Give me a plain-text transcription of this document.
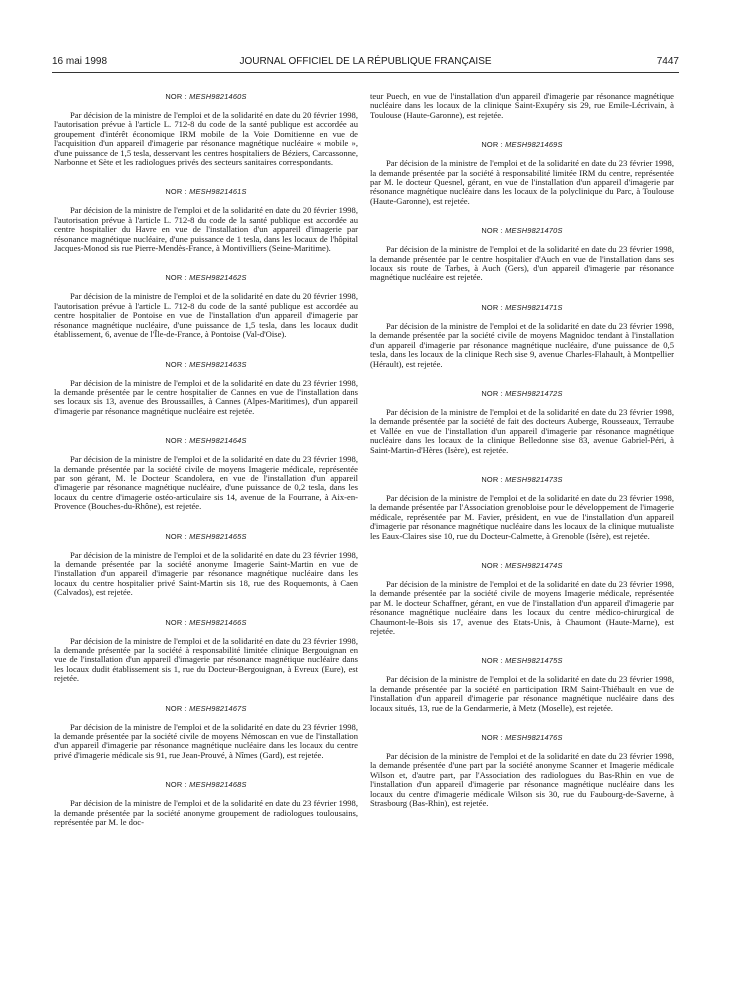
16 mai 1998	JOURNAL OFFICIEL DE LA RÉPUBLIQUE FRANÇAISE	7447

NOR : MESH9821460S

Par décision de la ministre de l'emploi et de la solidarité en date du 20 février 1998, l'autorisation prévue à l'article L. 712-8 du code de la santé publique est accordée au groupement d'intérêt économique IRM mobile de la Voie Domitienne en vue de l'acquisition d'un appareil d'imagerie par résonance magnétique nucléaire « mobile », d'une puissance de 1,5 tesla, desservant les centres hospitaliers de Béziers, Carcassonne, Narbonne et Sète et les radiologues privés des secteurs sanitaires correspondants.

NOR : MESH9821461S

Par décision de la ministre de l'emploi et de la solidarité en date du 20 février 1998, l'autorisation prévue à l'article L. 712-8 du code de la santé publique est accordée au centre hospitalier du Havre en vue de l'installation d'un appareil d'imagerie par résonance magnétique nucléaire, d'une puissance de 1 tesla, dans les locaux de l'hôpital Jacques-Monod sis rue Pierre-Mendès-France, à Montivilliers (Seine-Maritime).

NOR : MESH9821462S

Par décision de la ministre de l'emploi et de la solidarité en date du 20 février 1998, l'autorisation prévue à l'article L. 712-8 du code de la santé publique est accordée au centre hospitalier de Pontoise en vue de l'installation d'un appareil d'imagerie par résonance magnétique nucléaire, d'une puissance de 1,5 tesla, dans les locaux dudit établissement, 6, avenue de l'Île-de-France, à Pontoise (Val-d'Oise).

NOR : MESH9821463S

Par décision de la ministre de l'emploi et de la solidarité en date du 23 février 1998, la demande présentée par le centre hospitalier de Cannes en vue de l'installation dans ses locaux sis 13, avenue des Broussailles, à Cannes (Alpes-Maritimes), d'un appareil d'imagerie par résonance magnétique nucléaire est rejetée.

NOR : MESH9821464S

Par décision de la ministre de l'emploi et de la solidarité en date du 23 février 1998, la demande présentée par la société civile de moyens Imagerie médicale, représentée par son gérant, M. le Docteur Scandolera, en vue de l'installation d'un appareil d'imagerie par résonance magnétique nucléaire, d'une puissance de 0,2 tesla, dans les locaux du centre d'imagerie ostéo-articulaire sis 14, avenue de la Fourrane, à Aix-en-Provence (Bouches-du-Rhône), est rejetée.

NOR : MESH9821465S

Par décision de la ministre de l'emploi et de la solidarité en date du 23 février 1998, la demande présentée par la société anonyme Imagerie Saint-Martin en vue de l'installation d'un appareil d'imagerie par résonance magnétique nucléaire dans les locaux du centre hospitalier privé Saint-Martin sis 18, rue des Roquemonts, à Caen (Calvados), est rejetée.

NOR : MESH9821466S

Par décision de la ministre de l'emploi et de la solidarité en date du 23 février 1998, la demande présentée par la société à responsabilité limitée clinique Bergouignan en vue de l'installation d'un appareil d'imagerie par résonance magnétique nucléaire dans les locaux dudit établissement sis 1, rue du Docteur-Bergouignan, à Evreux (Eure), est rejetée.

NOR : MESH9821467S

Par décision de la ministre de l'emploi et de la solidarité en date du 23 février 1998, la demande présentée par la société civile de moyens Némoscan en vue de l'installation d'un appareil d'imagerie par résonance magnétique nucléaire dans les locaux du centre privé d'imagerie médicale sis 91, rue Jean-Prouvé, à Nîmes (Gard), est rejetée.

NOR : MESH9821468S

Par décision de la ministre de l'emploi et de la solidarité en date du 23 février 1998, la demande présentée par la société anonyme groupement de radiologues toulousains, représentée par M. le doc-

teur Puech, en vue de l'installation d'un appareil d'imagerie par résonance magnétique nucléaire dans les locaux de la clinique Saint-Exupéry sis 29, rue Emile-Lécrivain, à Toulouse (Haute-Garonne), est rejetée.

NOR : MESH9821469S

Par décision de la ministre de l'emploi et de la solidarité en date du 23 février 1998, la demande présentée par la société à responsabilité limitée IRM du centre, représentée par M. le docteur Quesnel, gérant, en vue de l'installation d'un appareil d'imagerie par résonance magnétique nucléaire dans les locaux de la polyclinique du Parc, à Toulouse (Haute-Garonne), est rejetée.

NOR : MESH9821470S

Par décision de la ministre de l'emploi et de la solidarité en date du 23 février 1998, la demande présentée par le centre hospitalier d'Auch en vue de l'installation dans ses locaux sis route de Tarbes, à Auch (Gers), d'un appareil d'imagerie par résonance magnétique nucléaire est rejetée.

NOR : MESH9821471S

Par décision de la ministre de l'emploi et de la solidarité en date du 23 février 1998, la demande présentée par la société civile de moyens Magnidoc tendant à l'installation d'un appareil d'imagerie par résonance magnétique nucléaire, d'une puissance de 0,5 tesla, dans les locaux de la clinique Rech sise 9, avenue Charles-Flahault, à Montpellier (Hérault), est rejetée.

NOR : MESH9821472S

Par décision de la ministre de l'emploi et de la solidarité en date du 23 février 1998, la demande présentée par la société de fait des docteurs Auberge, Rousseaux, Terraube et Vallée en vue de l'installation d'un appareil d'imagerie par résonance magnétique nucléaire dans les locaux de la clinique Belledonne sise 83, avenue Gabriel-Péri, à Saint-Martin-d'Hères (Isère), est rejetée.

NOR : MESH9821473S

Par décision de la ministre de l'emploi et de la solidarité en date du 23 février 1998, la demande présentée par l'Association grenobloise pour le développement de l'imagerie médicale, représentée par M. Favier, président, en vue de l'installation d'un appareil d'imagerie par résonance magnétique nucléaire dans les locaux de la clinique mutualiste les Eaux-Claires sise 10, rue du Docteur-Calmette, à Grenoble (Isère), est rejetée.

NOR : MESH9821474S

Par décision de la ministre de l'emploi et de la solidarité en date du 23 février 1998, la demande présentée par la société civile de moyens Imagerie médicale, représentée par M. le docteur Schaffner, gérant, en vue de l'installation d'un appareil d'imagerie par résonance magnétique nucléaire dans les locaux du centre médico-chirurgical de Chaumont-le-Bois sis 17, avenue des Etats-Unis, à Chaumont (Haute-Marne), est rejetée.

NOR : MESH9821475S

Par décision de la ministre de l'emploi et de la solidarité en date du 23 février 1998, la demande présentée par la société en participation IRM Saint-Thiébault en vue de l'installation d'un appareil d'imagerie par résonance magnétique nucléaire dans des locaux situés, 13, rue de la Gendarmerie, à Metz (Moselle), est rejetée.

NOR : MESH9821476S

Par décision de la ministre de l'emploi et de la solidarité en date du 23 février 1998, la demande présentée d'une part par la société anonyme Scanner et Imagerie médicale Wilson et, d'autre part, par l'Association des radiologues du Bas-Rhin en vue de l'installation d'un appareil d'imagerie par résonance magnétique nucléaire dans les locaux du centre d'imagerie médicale Wilson sis 30, rue du Faubourg-de-Saverne, à Strasbourg (Bas-Rhin), est rejetée.
